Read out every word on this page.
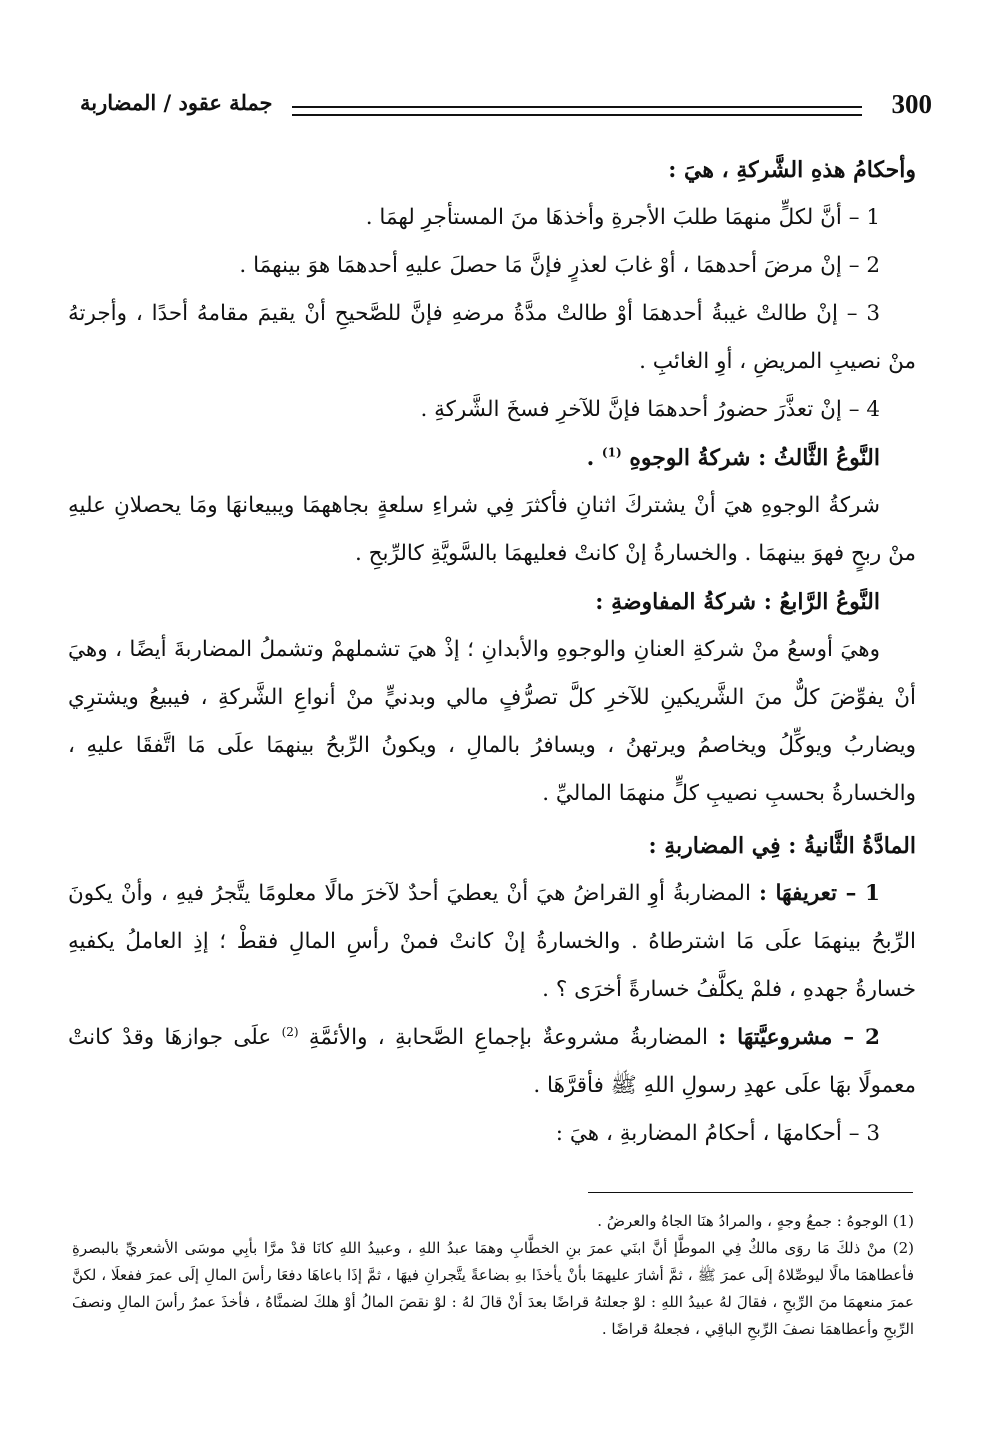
300
جملة عقود / المضاربة

وأحكامُ هذهِ الشَّركةِ ، هيَ :

1 – أنَّ لكلٍّ منهمَا طلبَ الأجرةِ وأخذهَا منَ المستأجرِ لهمَا .

2 – إنْ مرضَ أحدهمَا ، أوْ غابَ لعذرٍ فإنَّ مَا حصلَ عليهِ أحدهمَا هوَ بينهمَا .

3 – إنْ طالتْ غيبةُ أحدهمَا أوْ طالتْ مدَّةُ مرضهِ فإنَّ للصَّحيحِ أنْ يقيمَ مقامهُ أحدًا ، وأجرتهُ منْ نصيبِ المريضِ ، أوِ الغائبِ .

4 – إنْ تعذَّرَ حضورُ أحدهمَا فإنَّ للآخرِ فسخَ الشَّركةِ .

النَّوعُ الثَّالثُ : شركةُ الوجوهِ $^{(1)}$ .

شركةُ الوجوهِ هيَ أنْ يشتركَ اثنانِ فأكثرَ فِي شراءِ سلعةٍ بجاههمَا ويبيعانهَا ومَا يحصلانِ عليهِ منْ ربحٍ فهوَ بينهمَا . والخسارةُ إنْ كانتْ فعليهمَا بالسَّويَّةِ كالرِّبحِ .

النَّوعُ الرَّابعُ : شركةُ المفاوضةِ :

وهيَ أوسعُ منْ شركةِ العنانِ والوجوهِ والأبدانِ ؛ إذْ هيَ تشملهمْ وتشملُ المضاربةَ أيضًا ، وهيَ أنْ يفوِّضَ كلٌّ منَ الشَّريكينِ للآخرِ كلَّ تصرُّفٍ مالي وبدنيٍّ منْ أنواعِ الشَّركةِ ، فيبيعُ ويشترِي ويضاربُ ويوكِّلُ ويخاصمُ ويرتهنُ ، ويسافرُ بالمالِ ، ويكونُ الرِّبحُ بينهمَا علَى مَا اتَّفقَا عليهِ ، والخسارةُ بحسبِ نصيبِ كلٍّ منهمَا الماليِّ .

المادَّةُ الثَّانيةُ : فِي المضاربةِ :

1 – تعريفهَا : المضاربةُ أوِ القراضُ هيَ أنْ يعطيَ أحدٌ لآخرَ مالًا معلومًا يتَّجرُ فيهِ ، وأنْ يكونَ الرِّبحُ بينهمَا علَى مَا اشترطاهُ . والخسارةُ إنْ كانتْ فمنْ رأسِ المالِ فقطْ ؛ إذِ العاملُ يكفيهِ خسارةُ جهدهِ ، فلمْ يكلَّفُ خسارةً أخرَى ؟ .

2 – مشروعيَّتهَا : المضاربةُ مشروعةٌ بإجماعِ الصَّحابةِ ، والأئمَّةِ $^{(2)}$ علَى جوازهَا وقدْ كانتْ معمولًا بهَا علَى عهدِ رسولِ اللهِ ﷺ فأقرَّهَا .

3 – أحكامهَا ، أحكامُ المضاربةِ ، هيَ :

(1) الوجوهُ : جمعُ وجهٍ ، والمرادُ هنَا الجاهُ والعرضُ .

(2) منْ ذلكَ مَا روَى مالكٌ فِي الموطَّإ أنَّ ابنَي عمرَ بنِ الخطَّابِ وهمَا عبدُ اللهِ ، وعبيدُ اللهِ كانَا قدْ مرَّا بأبِي موسَى الأشعريِّ بالبصرةِ فأعطاهمَا مالًا ليوصِّلاهُ إلَى عمرَ ﷺ ، ثمَّ أشارَ عليهمَا بأنْ يأخذَا بهِ بضاعةً يتَّجرانِ فيهَا ، ثمَّ إذَا باعاهَا دفعَا رأسَ المالِ إلَى عمرَ ففعلَا ، لكنَّ عمرَ منعهمَا منَ الرِّبحِ ، فقالَ لهُ عبيدُ اللهِ : لوْ جعلتهُ قراضًا بعدَ أنْ قالَ لهُ : لوْ نقصَ المالُ أوْ هلكَ لضمنَّاهُ ، فأخذَ عمرُ رأسَ المالِ ونصفَ الرِّبحِ وأعطاهمَا نصفَ الرِّبحِ الباقِي ، فجعلهُ قراضًا .
